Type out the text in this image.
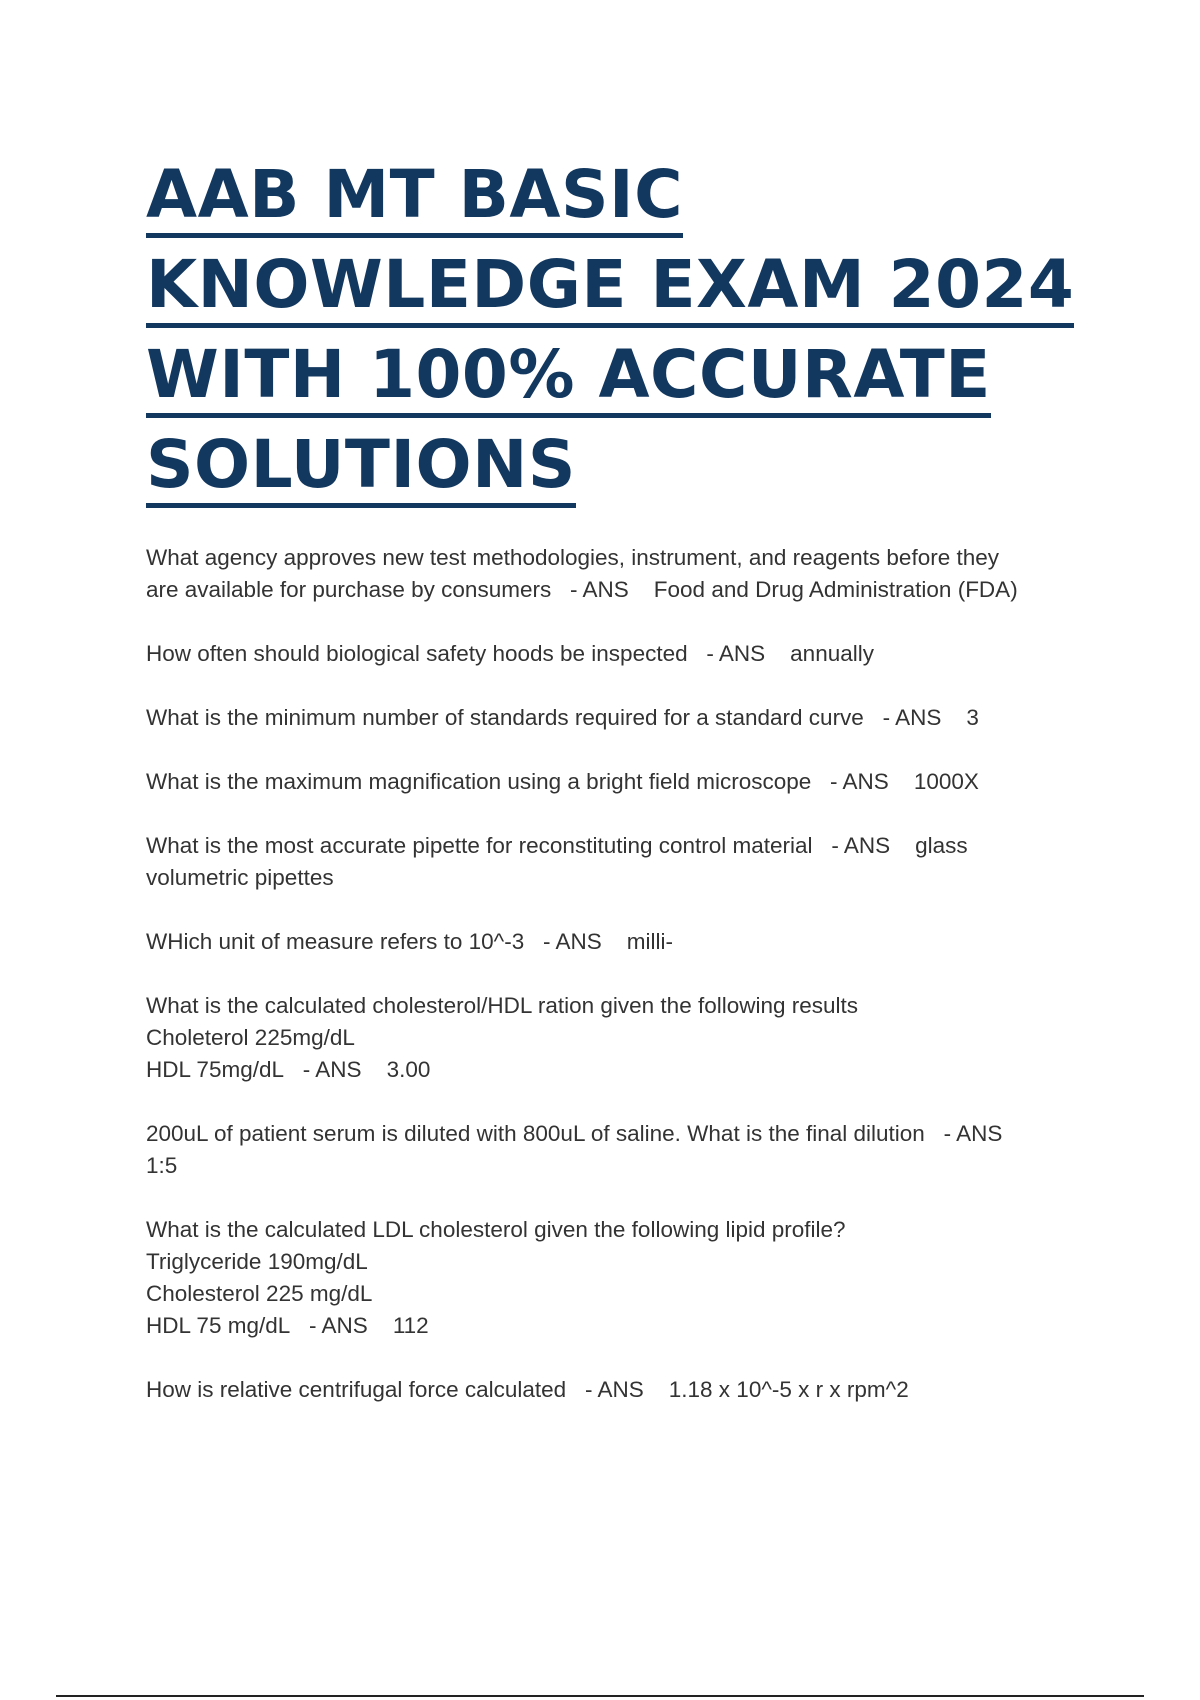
AAB MT BASIC
KNOWLEDGE EXAM 2024
WITH 100% ACCURATE
SOLUTIONS
What agency approves new test methodologies, instrument, and reagents before they
are available for purchase by consumers - ANS Food and Drug Administration (FDA)
How often should biological safety hoods be inspected - ANS annually
What is the minimum number of standards required for a standard curve - ANS 3
What is the maximum magnification using a bright field microscope - ANS 1000X
What is the most accurate pipette for reconstituting control material - ANS glass
volumetric pipettes
WHich unit of measure refers to 10^-3 - ANS milli-
What is the calculated cholesterol/HDL ration given the following results
Choleterol 225mg/dL
HDL 75mg/dL - ANS 3.00
200uL of patient serum is diluted with 800uL of saline. What is the final dilution - ANS
1:5
What is the calculated LDL cholesterol given the following lipid profile?
Triglyceride 190mg/dL
Cholesterol 225 mg/dL
HDL 75 mg/dL - ANS 112
How is relative centrifugal force calculated - ANS 1.18 x 10^-5 x r x rpm^2
